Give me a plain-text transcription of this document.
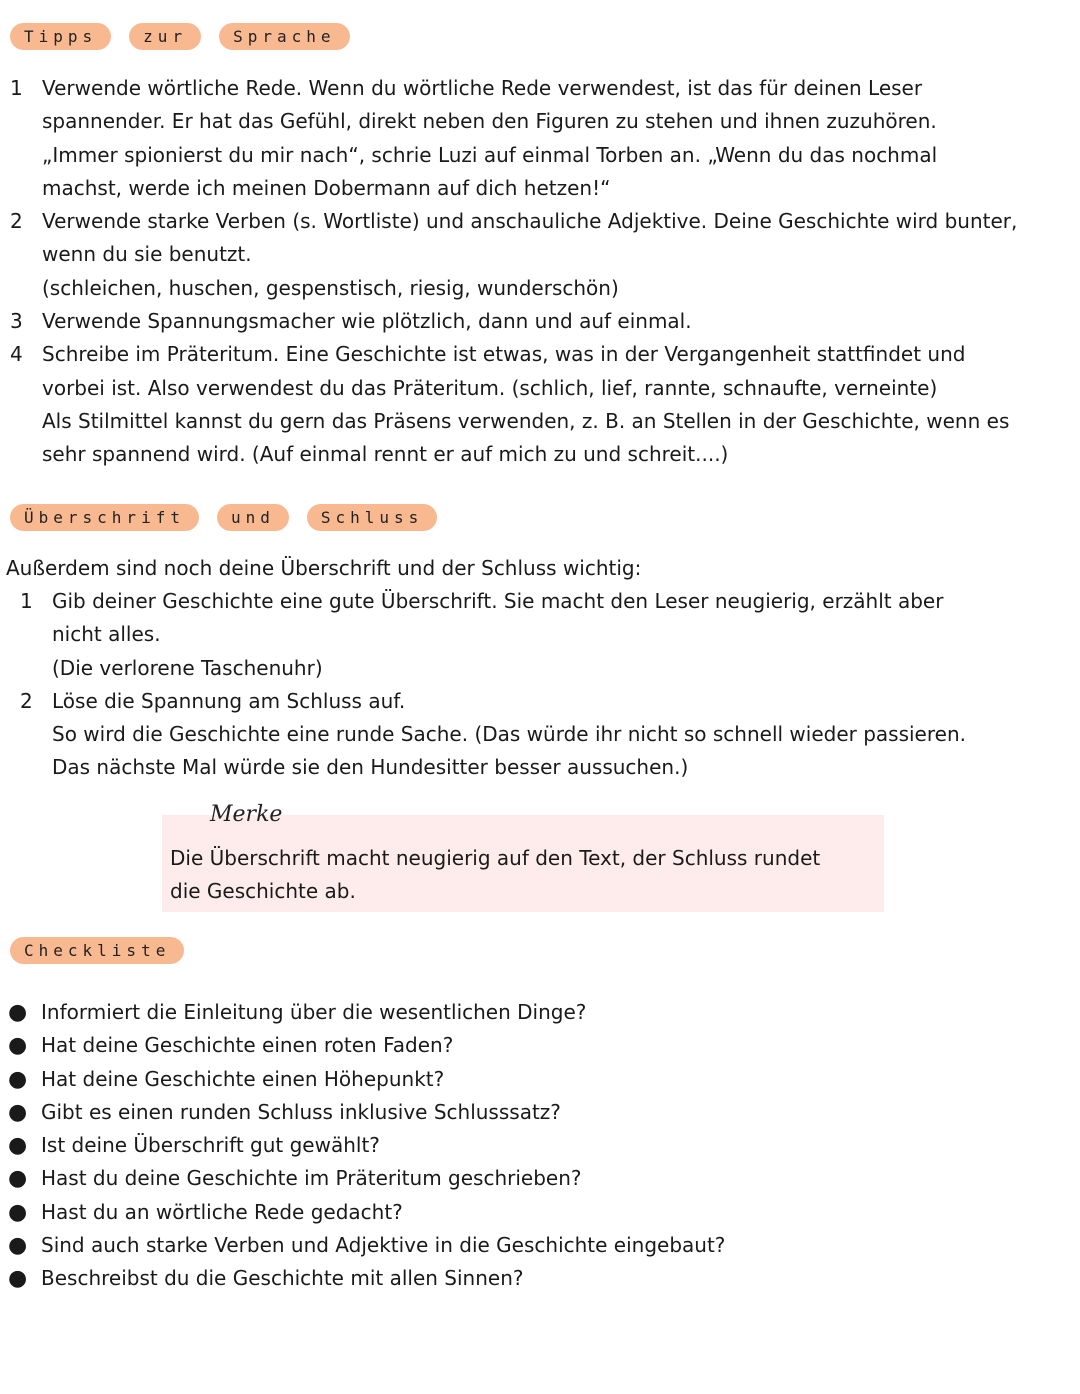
Tipps	zur	Sprache
1 Verwende wörtliche Rede. Wenn du wörtliche Rede verwendest, ist das für deinen Leser
spannender. Er hat das Gefühl, direkt neben den Figuren zu stehen und ihnen zuzuhören.
„Immer spionierst du mir nach“, schrie Luzi auf einmal Torben an. „Wenn du das nochmal
machst, werde ich meinen Dobermann auf dich hetzen!“
2 Verwende starke Verben (s. Wortliste) und anschauliche Adjektive. Deine Geschichte wird bunter,
wenn du sie benutzt.
(schleichen, huschen, gespenstisch, riesig, wunderschön)
3 Verwende Spannungsmacher wie plötzlich, dann und auf einmal.
4 Schreibe im Präteritum. Eine Geschichte ist etwas, was in der Vergangenheit stattfindet und
vorbei ist. Also verwendest du das Präteritum. (schlich, lief, rannte, schnaufte, verneinte)
Als Stilmittel kannst du gern das Präsens verwenden, z. B. an Stellen in der Geschichte, wenn es
sehr spannend wird. (Auf einmal rennt er auf mich zu und schreit....)
Überschrift	und	Schluss
Außerdem sind noch deine Überschrift und der Schluss wichtig:
1 Gib deiner Geschichte eine gute Überschrift. Sie macht den Leser neugierig, erzählt aber
nicht alles.
(Die verlorene Taschenuhr)
2 Löse die Spannung am Schluss auf.
So wird die Geschichte eine runde Sache. (Das würde ihr nicht so schnell wieder passieren.
Das nächste Mal würde sie den Hundesitter besser aussuchen.)
Die Überschrift macht neugierig auf den Text, der Schluss rundet
die Geschichte ab.
Merke
Checkliste
● Informiert die Einleitung über die wesentlichen Dinge?
● Hat deine Geschichte einen roten Faden?
● Hat deine Geschichte einen Höhepunkt?
● Gibt es einen runden Schluss inklusive Schlusssatz?
● Ist deine Überschrift gut gewählt?
● Hast du deine Geschichte im Präteritum geschrieben?
● Hast du an wörtliche Rede gedacht?
● Sind auch starke Verben und Adjektive in die Geschichte eingebaut?
● Beschreibst du die Geschichte mit allen Sinnen?
